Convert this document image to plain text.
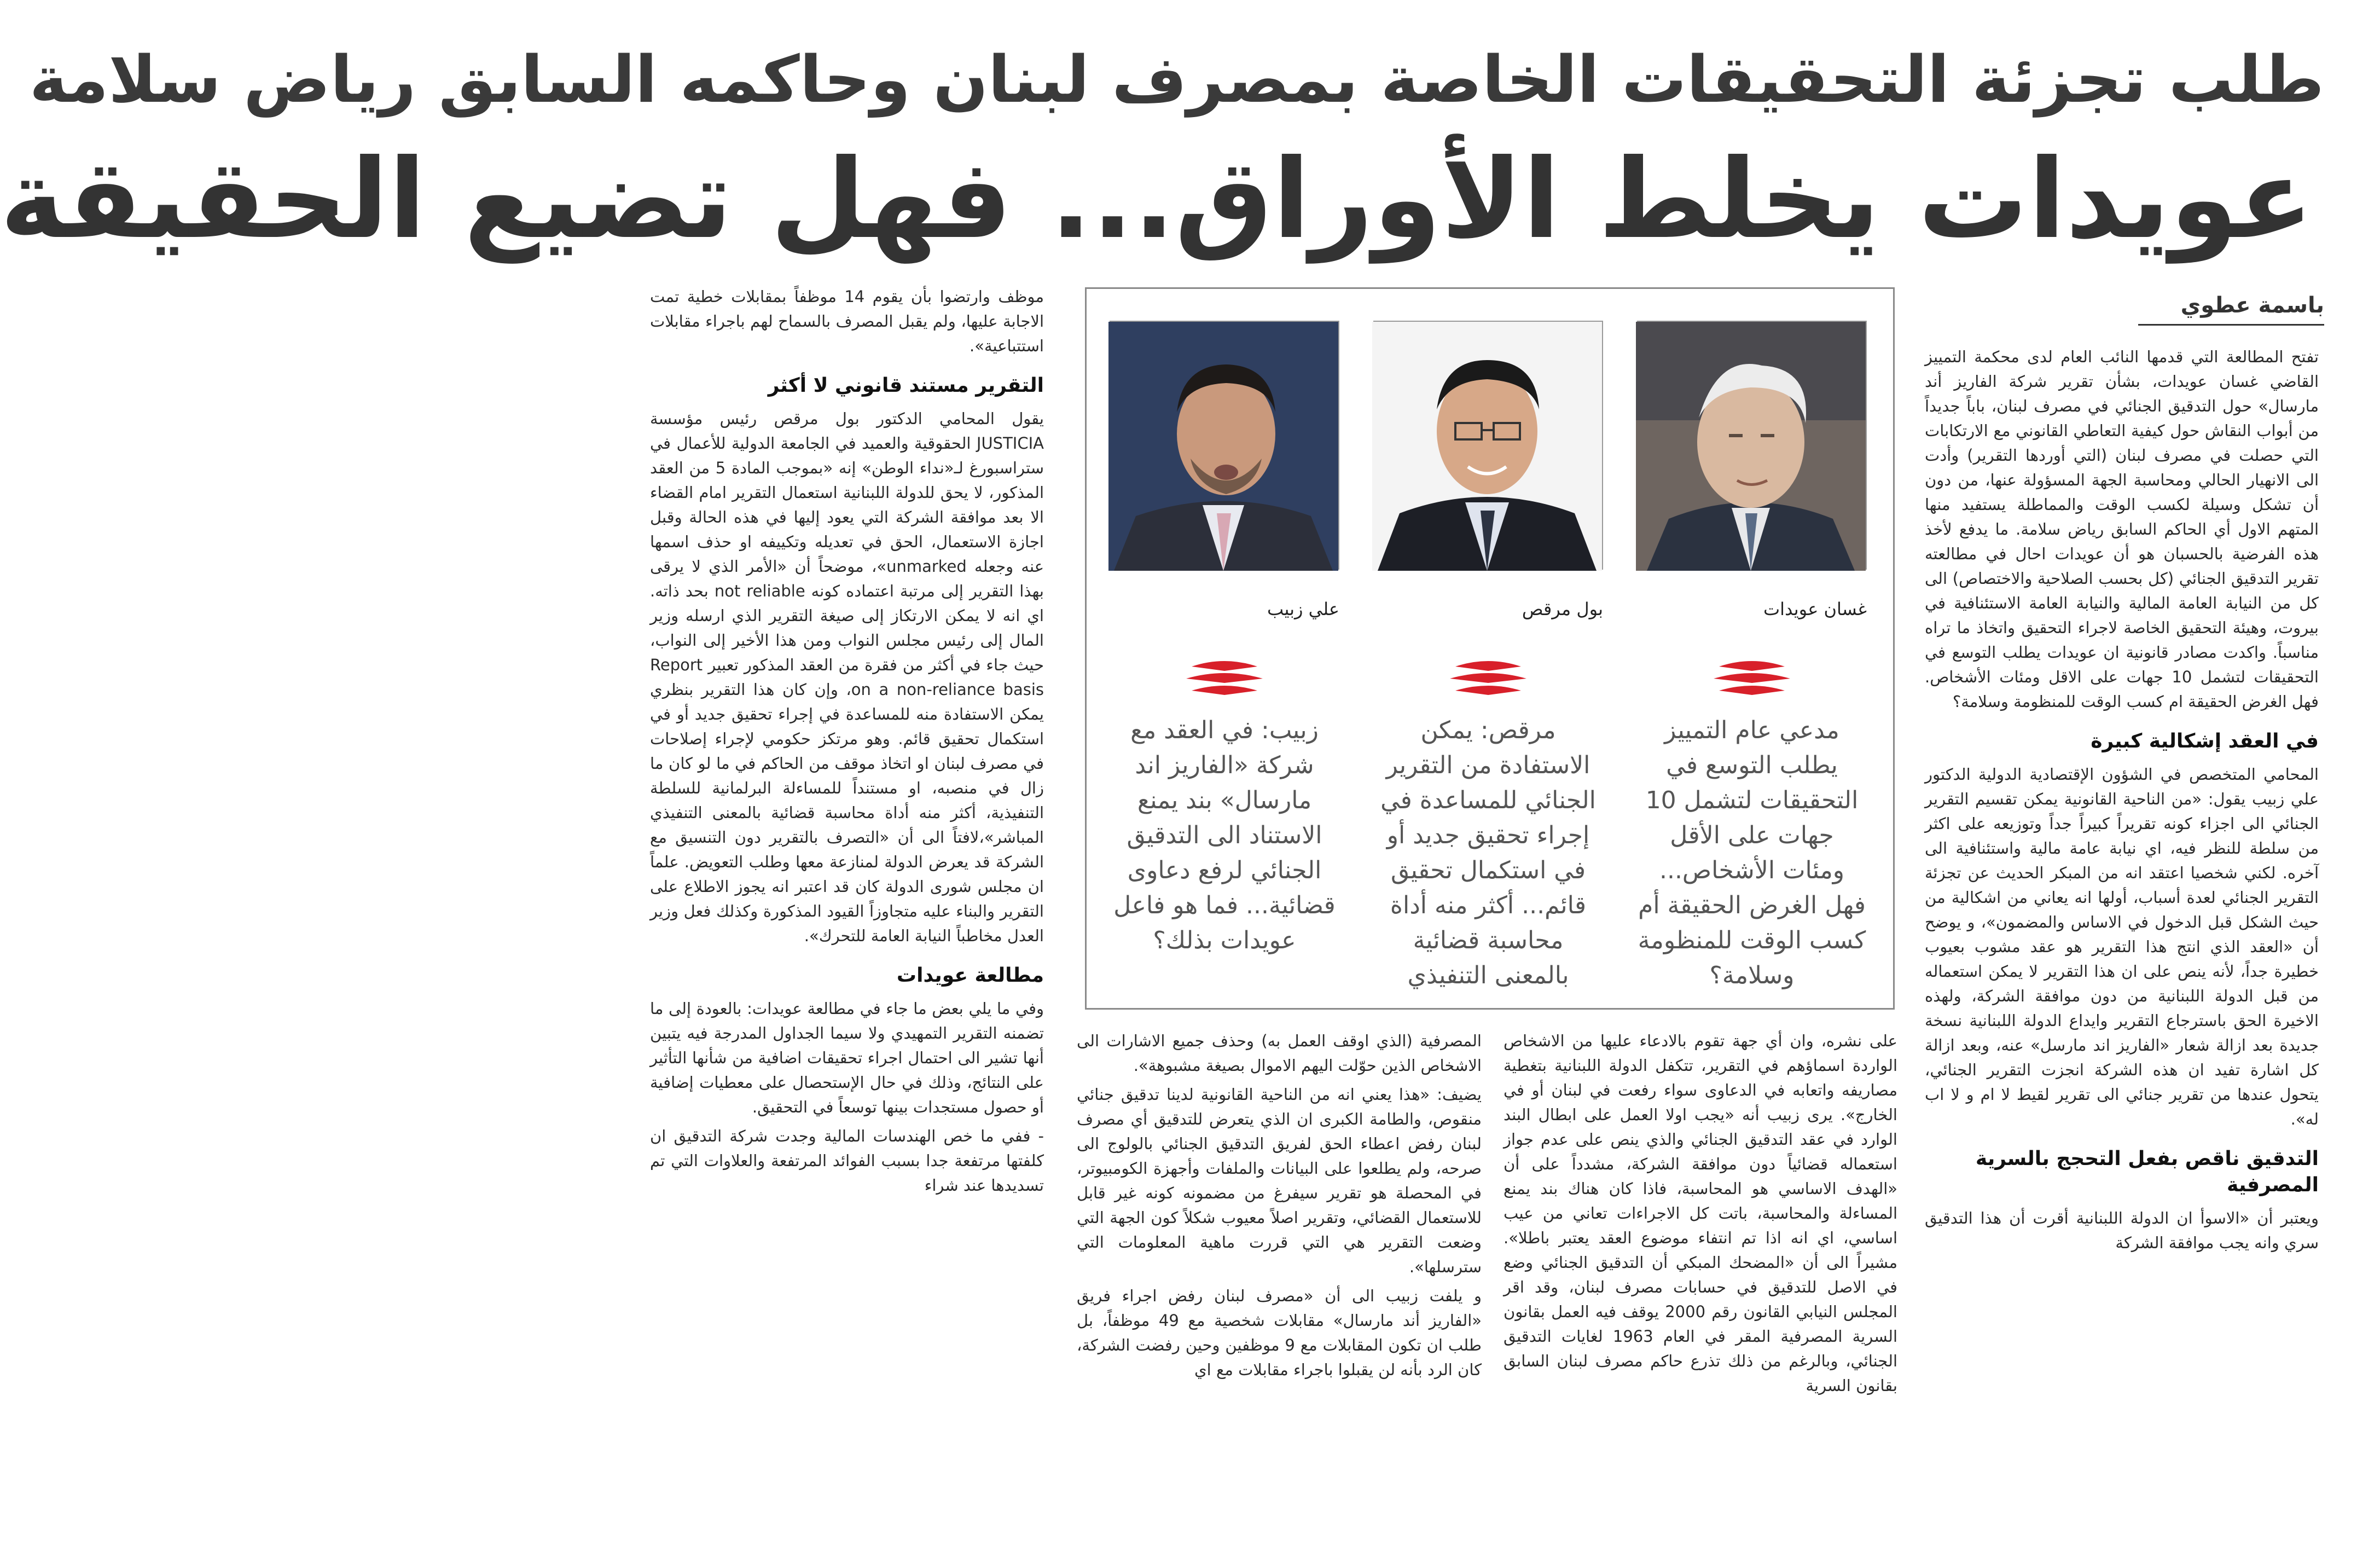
طلب تجزئة التحقيقات الخاصة بمصرف لبنان وحاكمه السابق رياض سلامة
عويدات يخلط الأوراق... فهل تضيع الحقيقة
باسمة عطوي

تفتح المطالعة التي قدمها النائب العام لدى محكمة التمييز القاضي غسان عويدات، بشأن تقرير شركة الفاريز أند مارسال» حول التدقيق الجنائي في مصرف لبنان، باباً جديداً من أبواب النقاش حول كيفية التعاطي القانوني مع الارتكابات التي حصلت في مصرف لبنان (التي أوردها التقرير) وأدت الى الانهيار الحالي ومحاسبة الجهة المسؤولة عنها، من دون أن تشكل وسيلة لكسب الوقت والمماطلة يستفيد منها المتهم الاول أي الحاكم السابق رياض سلامة. ما يدفع لأخذ هذه الفرضية بالحسبان هو أن عويدات احال في مطالعته تقرير التدقيق الجنائي (كل بحسب الصلاحية والاختصاص) الى كل من النيابة العامة المالية والنيابة العامة الاستئنافية في بيروت، وهيئة التحقيق الخاصة لاجراء التحقيق واتخاذ ما تراه مناسباً. واكدت مصادر قانونية ان عويدات يطلب التوسع في التحقيقات لتشمل 10 جهات على الاقل ومئات الأشخاص. فهل الغرض الحقيقة ام كسب الوقت للمنظومة وسلامة؟

في العقد إشكالية كبيرة

المحامي المتخصص في الشؤون الإقتصادية الدولية الدكتور علي زبيب يقول: «من الناحية القانونية يمكن تقسيم التقرير الجنائي الى اجزاء كونه تقريراً كبيراً جداً وتوزيعه على اكثر من سلطة للنظر فيه، اي نيابة عامة مالية واستئنافية الى آخره. لكني شخصيا اعتقد انه من المبكر الحديث عن تجزئة التقرير الجنائي لعدة أسباب، أولها انه يعاني من اشكالية من حيث الشكل قبل الدخول في الاساس والمضمون»، و يوضح أن «العقد الذي انتج هذا التقرير هو عقد مشوب بعيوب خطيرة جداً، لأنه ينص على ان هذا التقرير لا يمكن استعماله من قبل الدولة اللبنانية من دون موافقة الشركة، ولهذه الاخيرة الحق باسترجاع التقرير وايداع الدولة اللبنانية نسخة جديدة بعد ازالة شعار «الفاريز اند مارسل» عنه، وبعد ازالة كل اشارة تفيد ان هذه الشركة انجزت التقرير الجنائي، يتحول عندها من تقرير جنائي الى تقرير لقيط لا ام و لا اب له».

التدقيق ناقص بفعل التحجج بالسرية المصرفية

ويعتبر أن «الاسوأ ان الدولة اللبنانية أقرت أن هذا التدقيق سري وانه يجب موافقة الشركة

غسان عويدات
مدعي عام التمييز يطلب التوسع في التحقيقات لتشمل 10 جهات على الأقل ومئات الأشخاص... فهل الغرض الحقيقة أم كسب الوقت للمنظومة وسلامة؟
بول مرقص
مرقص: يمكن الاستفادة من التقرير الجنائي للمساعدة في إجراء تحقيق جديد أو في استكمال تحقيق قائم... أكثر منه أداة محاسبة قضائية بالمعنى التنفيذي
علي زبيب
زبيب: في العقد مع شركة «الفاريز اند مارسال» بند يمنع الاستناد الى التدقيق الجنائي لرفع دعاوى قضائية... فما هو فاعل عويدات بذلك؟

على نشره، وان أي جهة تقوم بالادعاء عليها من الاشخاص الواردة اسماؤهم في التقرير، تتكفل الدولة اللبنانية بتغطية مصاريفه واتعابه في الدعاوى سواء رفعت في لبنان أو في الخارج». يرى زبيب أنه «يجب اولا العمل على ابطال البند الوارد في عقد التدقيق الجنائي والذي ينص على عدم جواز استعماله قضائياً دون موافقة الشركة، مشدداً على أن «الهدف الاساسي هو المحاسبة، فاذا كان هناك بند يمنع المساءلة والمحاسبة، باتت كل الاجراءات تعاني من عيب اساسي، اي انه اذا تم انتفاء موضوع العقد يعتبر باطلا». مشيراً الى أن «المضحك المبكي أن التدقيق الجنائي وضع في الاصل للتدقيق في حسابات مصرف لبنان، وقد اقر المجلس النيابي القانون رقم 2000 يوقف فيه العمل بقانون السرية المصرفية المقر في العام 1963 لغايات التدقيق الجنائي، وبالرغم من ذلك تذرع حاكم مصرف لبنان السابق بقانون السرية

المصرفية (الذي اوقف العمل به) وحذف جميع الاشارات الى الاشخاص الذين حوّلت اليهم الاموال بصيغة مشبوهة».

يضيف: «هذا يعني انه من الناحية القانونية لدينا تدقيق جنائي منقوص، والطامة الكبرى ان الذي يتعرض للتدقيق أي مصرف لبنان رفض اعطاء الحق لفريق التدقيق الجنائي بالولوج الى صرحه، ولم يطلعوا على البيانات والملفات وأجهزة الكومبيوتر، في المحصلة هو تقرير سيفرغ من مضمونه كونه غير قابل للاستعمال القضائي، وتقرير اصلاً معيوب شكلاً كون الجهة التي وضعت التقرير هي التي قررت ماهية المعلومات التي سترسلها».

و يلفت زبيب الى أن «مصرف لبنان رفض اجراء فريق «الفاريز أند مارسال» مقابلات شخصية مع 49 موظفاً، بل طلب ان تكون المقابلات مع 9 موظفين وحين رفضت الشركة، كان الرد بأنه لن يقبلوا باجراء مقابلات مع اي

موظف وارتضوا بأن يقوم 14 موظفاً بمقابلات خطية تمت الاجابة عليها، ولم يقبل المصرف بالسماح لهم باجراء مقابلات استتباعية».

التقرير مستند قانوني لا أكثر

يقول المحامي الدكتور بول مرقص رئيس مؤسسة JUSTICIA الحقوقية والعميد في الجامعة الدولية للأعمال في ستراسبورغ لـ«نداء الوطن» إنه «بموجب المادة 5 من العقد المذكور، لا يحق للدولة اللبنانية استعمال التقرير امام القضاء الا بعد موافقة الشركة التي يعود إليها في هذه الحالة وقبل اجازة الاستعمال، الحق في تعديله وتكييفه او حذف اسمها عنه وجعله unmarked»، موضحاً أن «الأمر الذي لا يرقى بهذا التقرير إلى مرتبة اعتماده كونه not reliable بحد ذاته. اي انه لا يمكن الارتكاز إلى صيغة التقرير الذي ارسله وزير المال إلى رئيس مجلس النواب ومن هذا الأخير إلى النواب، حيث جاء في أكثر من فقرة من العقد المذكور تعبير Report on a non-reliance basis، وإن كان هذا التقرير بنظري يمكن الاستفادة منه للمساعدة في إجراء تحقيق جديد أو في استكمال تحقيق قائم. وهو مرتكز حكومي لإجراء إصلاحات في مصرف لبنان او اتخاذ موقف من الحاكم في ما لو كان ما زال في منصبه، او مستنداً للمساءلة البرلمانية للسلطة التنفيذية، أكثر منه أداة محاسبة قضائية بالمعنى التنفيذي المباشر»،لافتاً الى أن «التصرف بالتقرير دون التنسيق مع الشركة قد يعرض الدولة لمنازعة معها وطلب التعويض. علماً ان مجلس شورى الدولة كان قد اعتبر انه يجوز الاطلاع على التقرير والبناء عليه متجاوزاً القيود المذكورة وكذلك فعل وزير العدل مخاطباً النيابة العامة للتحرك».

مطالعة عويدات

وفي ما يلي بعض ما جاء في مطالعة عويدات: بالعودة إلى ما تضمنه التقرير التمهيدي ولا سيما الجداول المدرجة فيه يتبين أنها تشير الى احتمال اجراء تحقيقات اضافية من شأنها التأثير على النتائج، وذلك في حال الإستحصال على معطيات إضافية أو حصول مستجدات بينها توسعاً في التحقيق.

- ففي ما خص الهندسات المالية وجدت شركة التدقيق ان كلفتها مرتفعة جدا بسبب الفوائد المرتفعة والعلاوات التي تم تسديدها عند شراء
